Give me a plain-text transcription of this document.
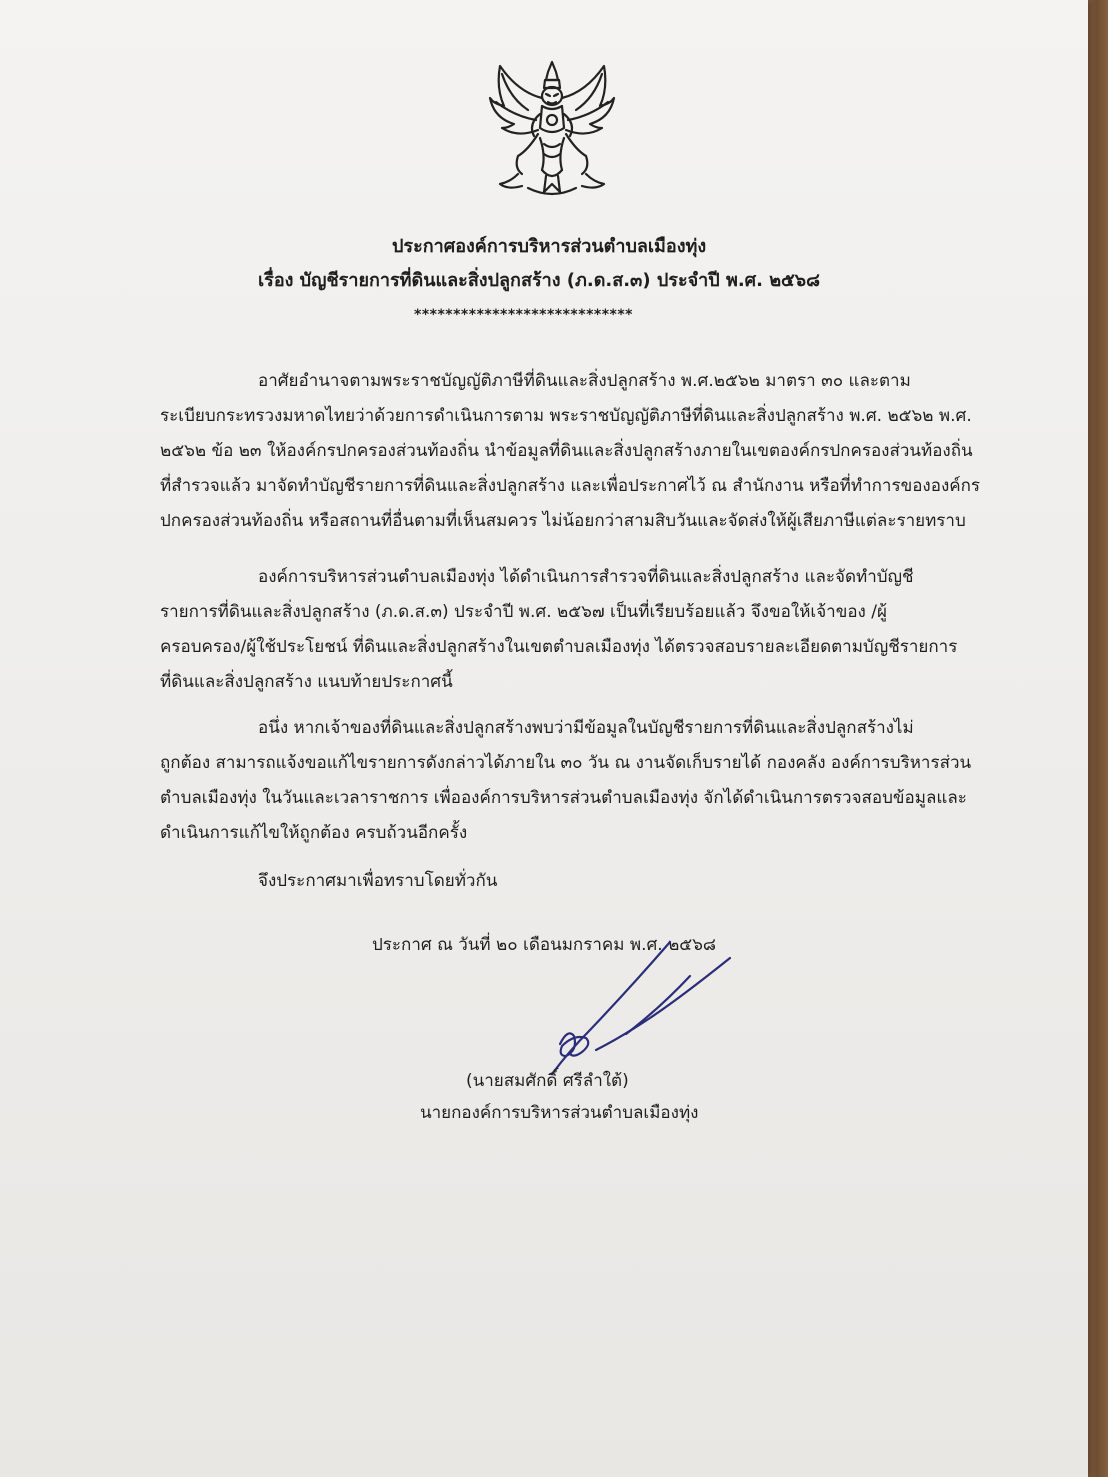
ประกาศองค์การบริหารส่วนตำบลเมืองทุ่ง
เรื่อง บัญชีรายการที่ดินและสิ่งปลูกสร้าง (ภ.ด.ส.๓) ประจำปี พ.ศ. ๒๕๖๘
****************************
อาศัยอำนาจตามพระราชบัญญัติภาษีที่ดินและสิ่งปลูกสร้าง พ.ศ.๒๕๖๒ มาตรา ๓๐ และตาม
ระเบียบกระทรวงมหาดไทยว่าด้วยการดำเนินการตาม พระราชบัญญัติภาษีที่ดินและสิ่งปลูกสร้าง พ.ศ. ๒๕๖๒ พ.ศ.
๒๕๖๒ ข้อ ๒๓ ให้องค์กรปกครองส่วนท้องถิ่น นำข้อมูลที่ดินและสิ่งปลูกสร้างภายในเขตองค์กรปกครองส่วนท้องถิ่น
ที่สำรวจแล้ว มาจัดทำบัญชีรายการที่ดินและสิ่งปลูกสร้าง และเพื่อประกาศไว้ ณ สำนักงาน หรือที่ทำการขององค์กร
ปกครองส่วนท้องถิ่น หรือสถานที่อื่นตามที่เห็นสมควร ไม่น้อยกว่าสามสิบวันและจัดส่งให้ผู้เสียภาษีแต่ละรายทราบ
องค์การบริหารส่วนตำบลเมืองทุ่ง ได้ดำเนินการสำรวจที่ดินและสิ่งปลูกสร้าง และจัดทำบัญชี
รายการที่ดินและสิ่งปลูกสร้าง (ภ.ด.ส.๓) ประจำปี พ.ศ. ๒๕๖๗ เป็นที่เรียบร้อยแล้ว จึงขอให้เจ้าของ /ผู้
ครอบครอง/ผู้ใช้ประโยชน์ ที่ดินและสิ่งปลูกสร้างในเขตตำบลเมืองทุ่ง ได้ตรวจสอบรายละเอียดตามบัญชีรายการ
ที่ดินและสิ่งปลูกสร้าง แนบท้ายประกาศนี้
อนึ่ง หากเจ้าของที่ดินและสิ่งปลูกสร้างพบว่ามีข้อมูลในบัญชีรายการที่ดินและสิ่งปลูกสร้างไม่
ถูกต้อง สามารถแจ้งขอแก้ไขรายการดังกล่าวได้ภายใน ๓๐ วัน ณ งานจัดเก็บรายได้ กองคลัง องค์การบริหารส่วน
ตำบลเมืองทุ่ง ในวันและเวลาราชการ เพื่อองค์การบริหารส่วนตำบลเมืองทุ่ง จักได้ดำเนินการตรวจสอบข้อมูลและ
ดำเนินการแก้ไขให้ถูกต้อง ครบถ้วนอีกครั้ง
จึงประกาศมาเพื่อทราบโดยทั่วกัน
ประกาศ ณ วันที่ ๒๐ เดือนมกราคม พ.ศ. ๒๕๖๘
(นายสมศักดิ์ ศรีลำใต้)
นายกองค์การบริหารส่วนตำบลเมืองทุ่ง
